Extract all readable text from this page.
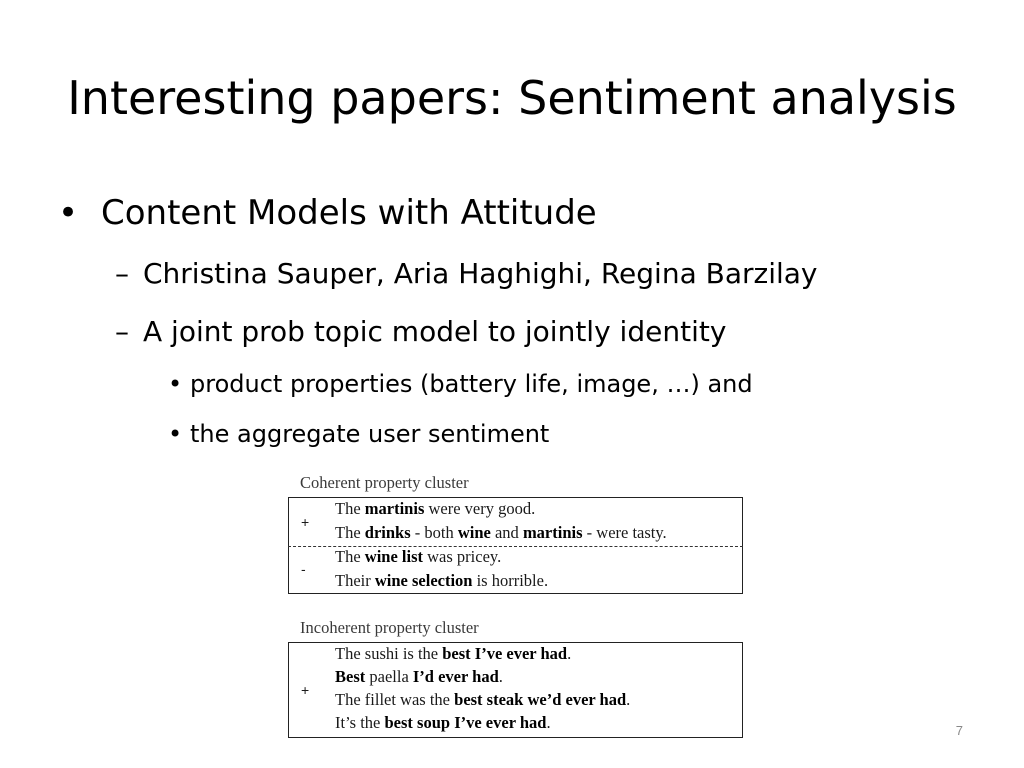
Interesting papers: Sentiment analysis
• Content Models with Attitude
– Christina Sauper, Aria Haghighi, Regina Barzilay
– A joint prob topic model to jointly identity
• product properties (battery life, image, …) and
• the aggregate user sentiment
Coherent property cluster
+
The martinis were very good.
The drinks - both wine and martinis - were tasty.
-
The wine list was pricey.
Their wine selection is horrible.
Incoherent property cluster
+
The sushi is the best I’ve ever had.
Best paella I’d ever had.
The fillet was the best steak we’d ever had.
It’s the best soup I’ve ever had.	7
